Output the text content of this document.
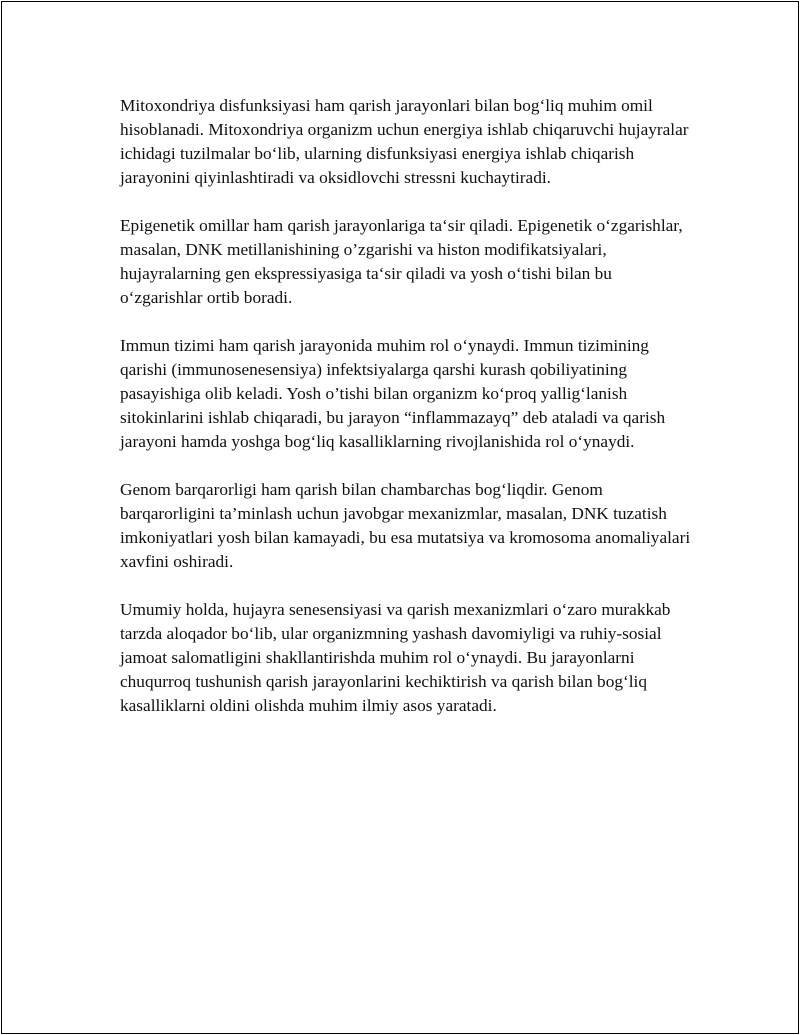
Mitoxondriya disfunksiyasi ham qarish jarayonlari bilan bog‘liq muhim omil hisoblanadi. Mitoxondriya organizm uchun energiya ishlab chiqaruvchi hujayralar ichidagi tuzilmalar bo‘lib, ularning disfunksiyasi energiya ishlab chiqarish jarayonini qiyinlashtiradi va oksidlovchi stressni kuchaytiradi.

Epigenetik omillar ham qarish jarayonlariga ta‘sir qiladi. Epigenetik o‘zgarishlar, masalan, DNK metillanishining o’zgarishi va histon modifikatsiyalari, hujayralarning gen ekspressiyasiga ta‘sir qiladi va yosh o‘tishi bilan bu o‘zgarishlar ortib boradi.

Immun tizimi ham qarish jarayonida muhim rol o‘ynaydi. Immun tizimining qarishi (immunosenesensiya) infektsiyalarga qarshi kurash qobiliyatining pasayishiga olib keladi. Yosh o’tishi bilan organizm ko‘proq yallig‘lanish sitokinlarini ishlab chiqaradi, bu jarayon “inflammazayq” deb ataladi va qarish jarayoni hamda yoshga bog‘liq kasalliklarning rivojlanishida rol o‘ynaydi.

Genom barqarorligi ham qarish bilan chambarchas bog‘liqdir. Genom barqarorligini ta’minlash uchun javobgar mexanizmlar, masalan, DNK tuzatish imkoniyatlari yosh bilan kamayadi, bu esa mutatsiya va kromosoma anomaliyalari xavfini oshiradi.

Umumiy holda, hujayra senesensiyasi va qarish mexanizmlari o‘zaro murakkab tarzda aloqador bo‘lib, ular organizmning yashash davomiyligi va ruhiy-sosial jamoat salomatligini shakllantirishda muhim rol o‘ynaydi. Bu jarayonlarni chuqurroq tushunish qarish jarayonlarini kechiktirish va qarish bilan bog‘liq kasalliklarni oldini olishda muhim ilmiy asos yaratadi.
